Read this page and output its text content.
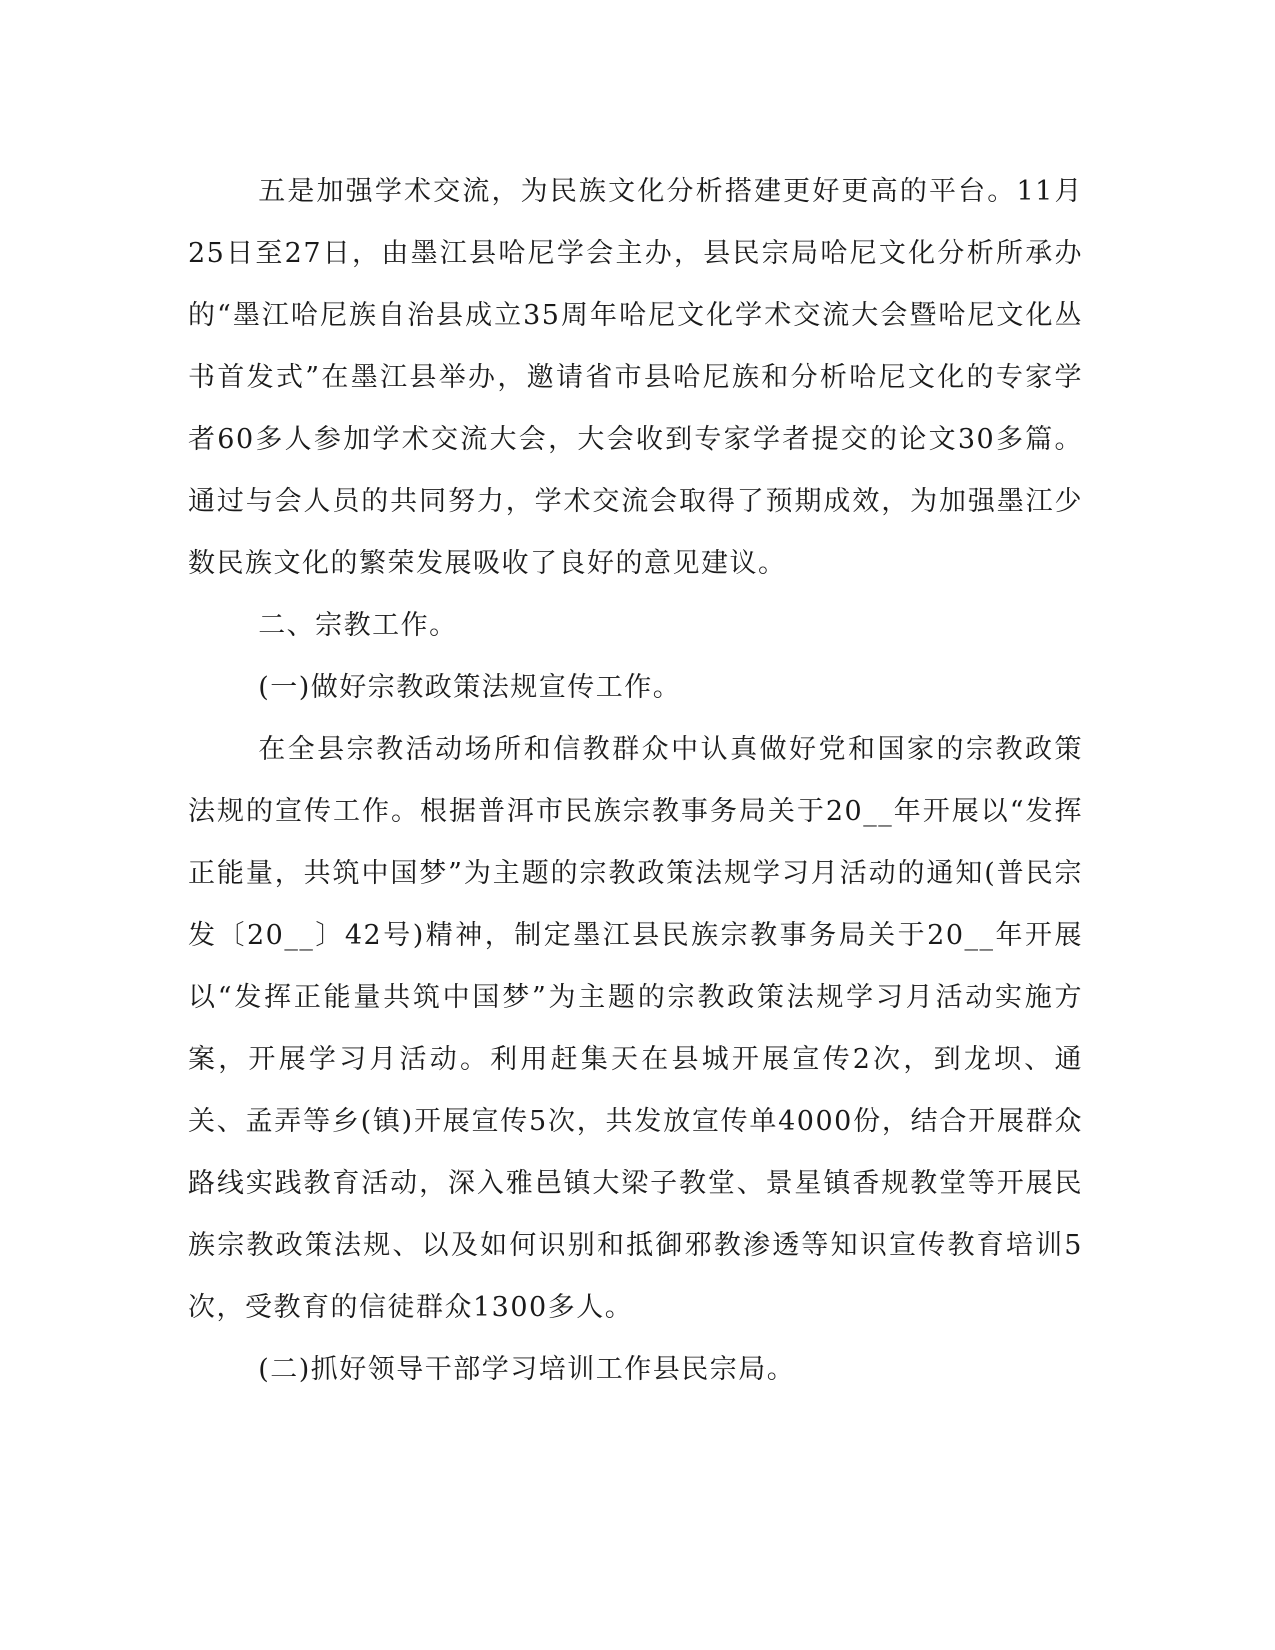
五是加强学术交流，为民族文化分析搭建更好更高的平台。11月25日至27日，由墨江县哈尼学会主办，县民宗局哈尼文化分析所承办的“墨江哈尼族自治县成立35周年哈尼文化学术交流大会暨哈尼文化丛书首发式”在墨江县举办，邀请省市县哈尼族和分析哈尼文化的专家学者60多人参加学术交流大会，大会收到专家学者提交的论文30多篇。通过与会人员的共同努力，学术交流会取得了预期成效，为加强墨江少数民族文化的繁荣发展吸收了良好的意见建议。

二、宗教工作。

(一)做好宗教政策法规宣传工作。

在全县宗教活动场所和信教群众中认真做好党和国家的宗教政策法规的宣传工作。根据普洱市民族宗教事务局关于20__年开展以“发挥正能量，共筑中国梦”为主题的宗教政策法规学习月活动的通知(普民宗发〔20__〕42号)精神，制定墨江县民族宗教事务局关于20__年开展以“发挥正能量共筑中国梦”为主题的宗教政策法规学习月活动实施方案，开展学习月活动。利用赶集天在县城开展宣传2次，到龙坝、通关、孟弄等乡(镇)开展宣传5次，共发放宣传单4000份，结合开展群众路线实践教育活动，深入雅邑镇大梁子教堂、景星镇香规教堂等开展民族宗教政策法规、以及如何识别和抵御邪教渗透等知识宣传教育培训5次，受教育的信徒群众1300多人。

(二)抓好领导干部学习培训工作县民宗局。
